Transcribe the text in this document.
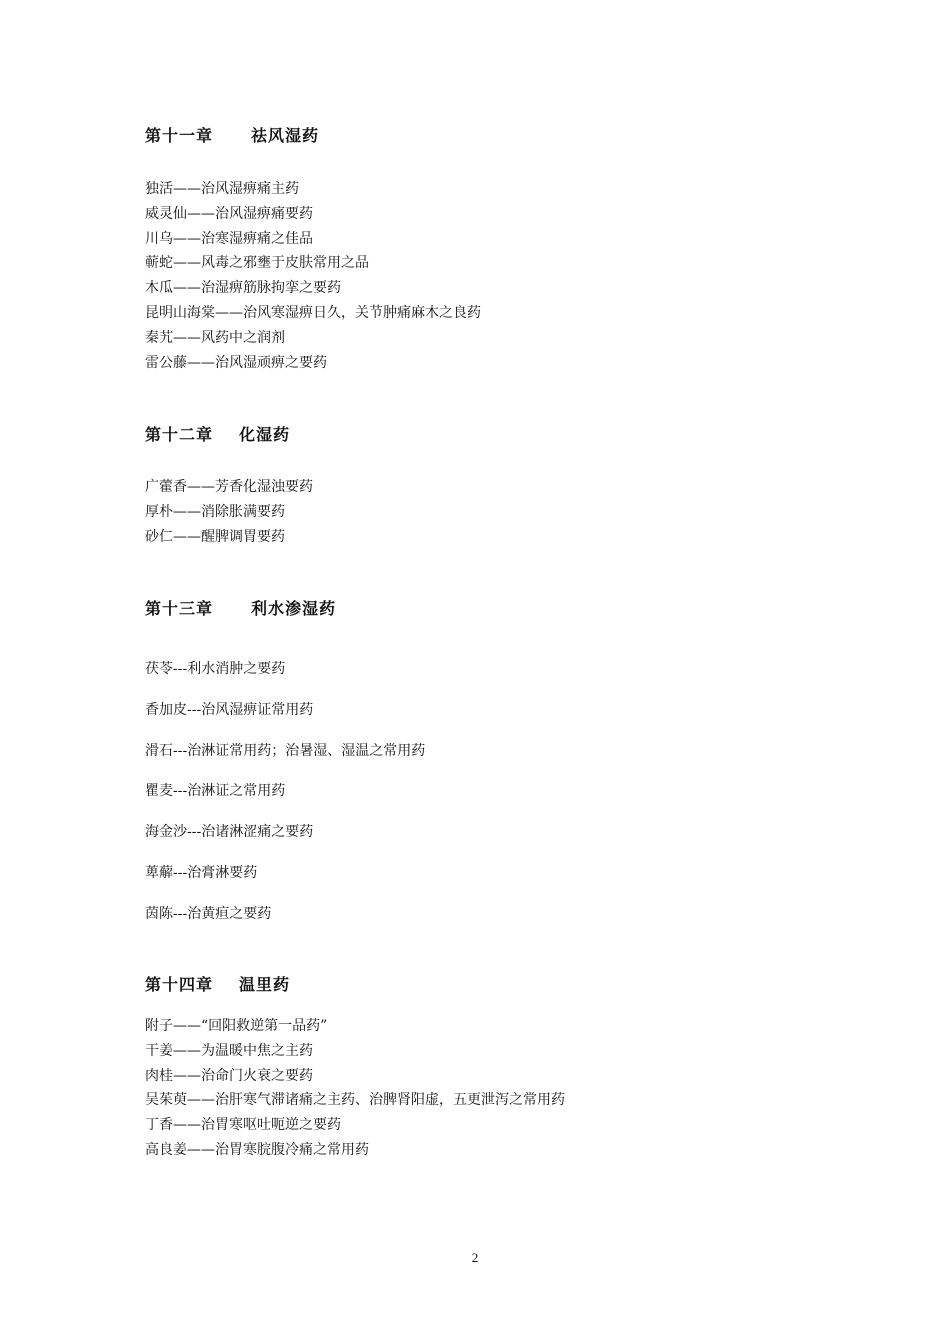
第十一章 祛风湿药
独活——治风湿痹痛主药
威灵仙——治风湿痹痛要药
川乌——治寒湿痹痛之佳品
蕲蛇——风毒之邪壅于皮肤常用之品
木瓜——治湿痹筋脉拘挛之要药
昆明山海棠——治风寒湿痹日久，关节肿痛麻木之良药
秦艽——风药中之润剂
雷公藤——治风湿顽痹之要药
第十二章 化湿药
广藿香——芳香化湿浊要药
厚朴——消除胀满要药
砂仁——醒脾调胃要药
第十三章 利水渗湿药
茯苓---利水消肿之要药
香加皮---治风湿痹证常用药
滑石---治淋证常用药；治暑湿、湿温之常用药
瞿麦---治淋证之常用药
海金沙---治诸淋涩痛之要药
萆薢---治膏淋要药
茵陈---治黄疸之要药
第十四章 温里药
附子——“回阳救逆第一品药”
干姜——为温暖中焦之主药
肉桂——治命门火衰之要药
吴茱萸——治肝寒气滞诸痛之主药、治脾肾阳虚，五更泄泻之常用药
丁香——治胃寒呕吐呃逆之要药
高良姜——治胃寒脘腹冷痛之常用药
2
